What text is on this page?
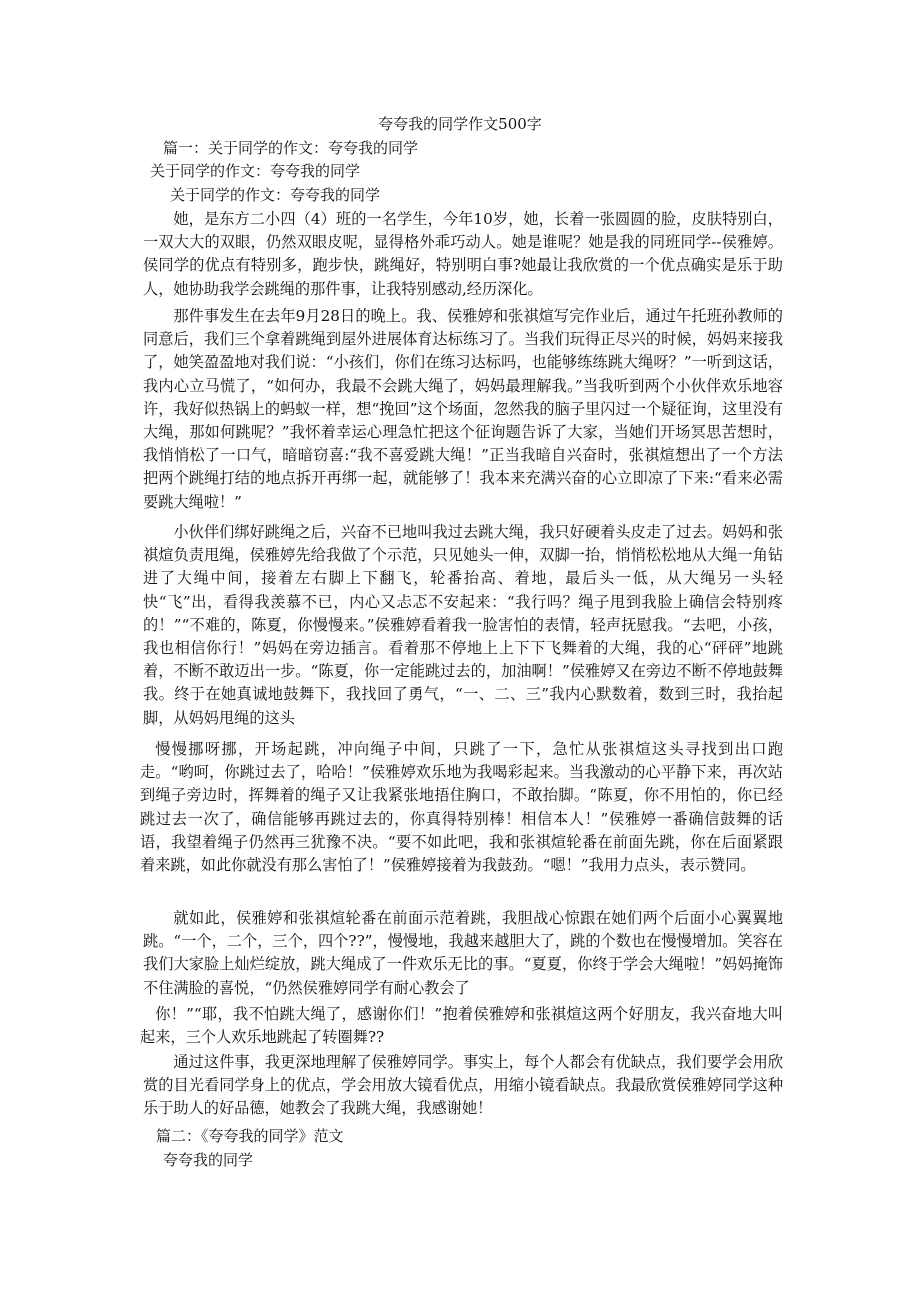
夸夸我的同学作文500字

篇一：关于同学的作文：夸夸我的同学

关于同学的作文：夸夸我的同学

关于同学的作文：夸夸我的同学

她，是东方二小四（4）班的一名学生，今年10岁，她，长着一张圆圆的脸，皮肤特别白，一双大大的双眼，仍然双眼皮呢，显得格外乖巧动人。她是谁呢？她是我的同班同学--侯雅婷。侯同学的优点有特别多，跑步快，跳绳好，特别明白事?她最让我欣赏的一个优点确实是乐于助人，她协助我学会跳绳的那件事，让我特别感动,经历深化。

那件事发生在去年9月28日的晚上。我、侯雅婷和张祺煊写完作业后，通过午托班孙教师的同意后，我们三个拿着跳绳到屋外进展体育达标练习了。当我们玩得正尽兴的时候，妈妈来接我了，她笑盈盈地对我们说：“小孩们，你们在练习达标吗，也能够练练跳大绳呀？”一听到这话，我内心立马慌了，“如何办，我最不会跳大绳了，妈妈最理解我。”当我听到两个小伙伴欢乐地容许，我好似热锅上的蚂蚁一样，想“挽回”这个场面，忽然我的脑子里闪过一个疑征询，这里没有大绳，那如何跳呢？”我怀着幸运心理急忙把这个征询题告诉了大家，当她们开场冥思苦想时，我悄悄松了一口气，暗暗窃喜:“我不喜爱跳大绳！”正当我暗自兴奋时，张祺煊想出了一个方法 把两个跳绳打结的地点拆开再绑一起，就能够了！我本来充满兴奋的心立即凉了下来:“看来必需要跳大绳啦！”

小伙伴们绑好跳绳之后，兴奋不已地叫我过去跳大绳，我只好硬着头皮走了过去。妈妈和张祺煊负责甩绳，侯雅婷先给我做了个示范，只见她头一伸，双脚一抬，悄悄松松地从大绳一角钻进了大绳中间，接着左右脚上下翻飞，轮番抬高、着地，最后头一低，从大绳另一头轻快“飞”出，看得我羡慕不已，内心又忐忑不安起来：“我行吗？绳子甩到我脸上确信会特别疼的！”“不难的，陈夏，你慢慢来。”侯雅婷看着我一脸害怕的表情，轻声抚慰我。“去吧，小孩，我也相信你行！”妈妈在旁边插言。看着那不停地上上下下飞舞着的大绳，我的心“砰砰”地跳着，不断不敢迈出一步。“陈夏，你一定能跳过去的，加油啊！”侯雅婷又在旁边不断不停地鼓舞我。终于在她真诚地鼓舞下，我找回了勇气，“一、二、三”我内心默数着，数到三时，我抬起脚，从妈妈甩绳的这头

慢慢挪呀挪，开场起跳，冲向绳子中间，只跳了一下，急忙从张祺煊这头寻找到出口跑走。“哟呵，你跳过去了，哈哈！”侯雅婷欢乐地为我喝彩起来。当我激动的心平静下来，再次站到绳子旁边时，挥舞着的绳子又让我紧张地捂住胸口，不敢抬脚。“陈夏，你不用怕的，你已经跳过去一次了，确信能够再跳过去的，你真得特别棒！相信本人！”侯雅婷一番确信鼓舞的话语，我望着绳子仍然再三犹豫不决。“要不如此吧，我和张祺煊轮番在前面先跳，你在后面紧跟着来跳，如此你就没有那么害怕了！”侯雅婷接着为我鼓劲。“嗯！”我用力点头，表示赞同。

就如此，侯雅婷和张祺煊轮番在前面示范着跳，我胆战心惊跟在她们两个后面小心翼翼地跳。“一个，二个，三个，四个??”，慢慢地，我越来越胆大了，跳的个数也在慢慢增加。笑容在我们大家脸上灿烂绽放，跳大绳成了一件欢乐无比的事。“夏夏，你终于学会大绳啦！”妈妈掩饰不住满脸的喜悦，“仍然侯雅婷同学有耐心教会了

你！”“耶，我不怕跳大绳了，感谢你们！”抱着侯雅婷和张祺煊这两个好朋友，我兴奋地大叫起来，三个人欢乐地跳起了转圈舞??

通过这件事，我更深地理解了侯雅婷同学。事实上，每个人都会有优缺点，我们要学会用欣赏的目光看同学身上的优点，学会用放大镜看优点，用缩小镜看缺点。我最欣赏侯雅婷同学这种乐于助人的好品德，她教会了我跳大绳，我感谢她！

篇二：《夸夸我的同学》范文

夸夸我的同学
